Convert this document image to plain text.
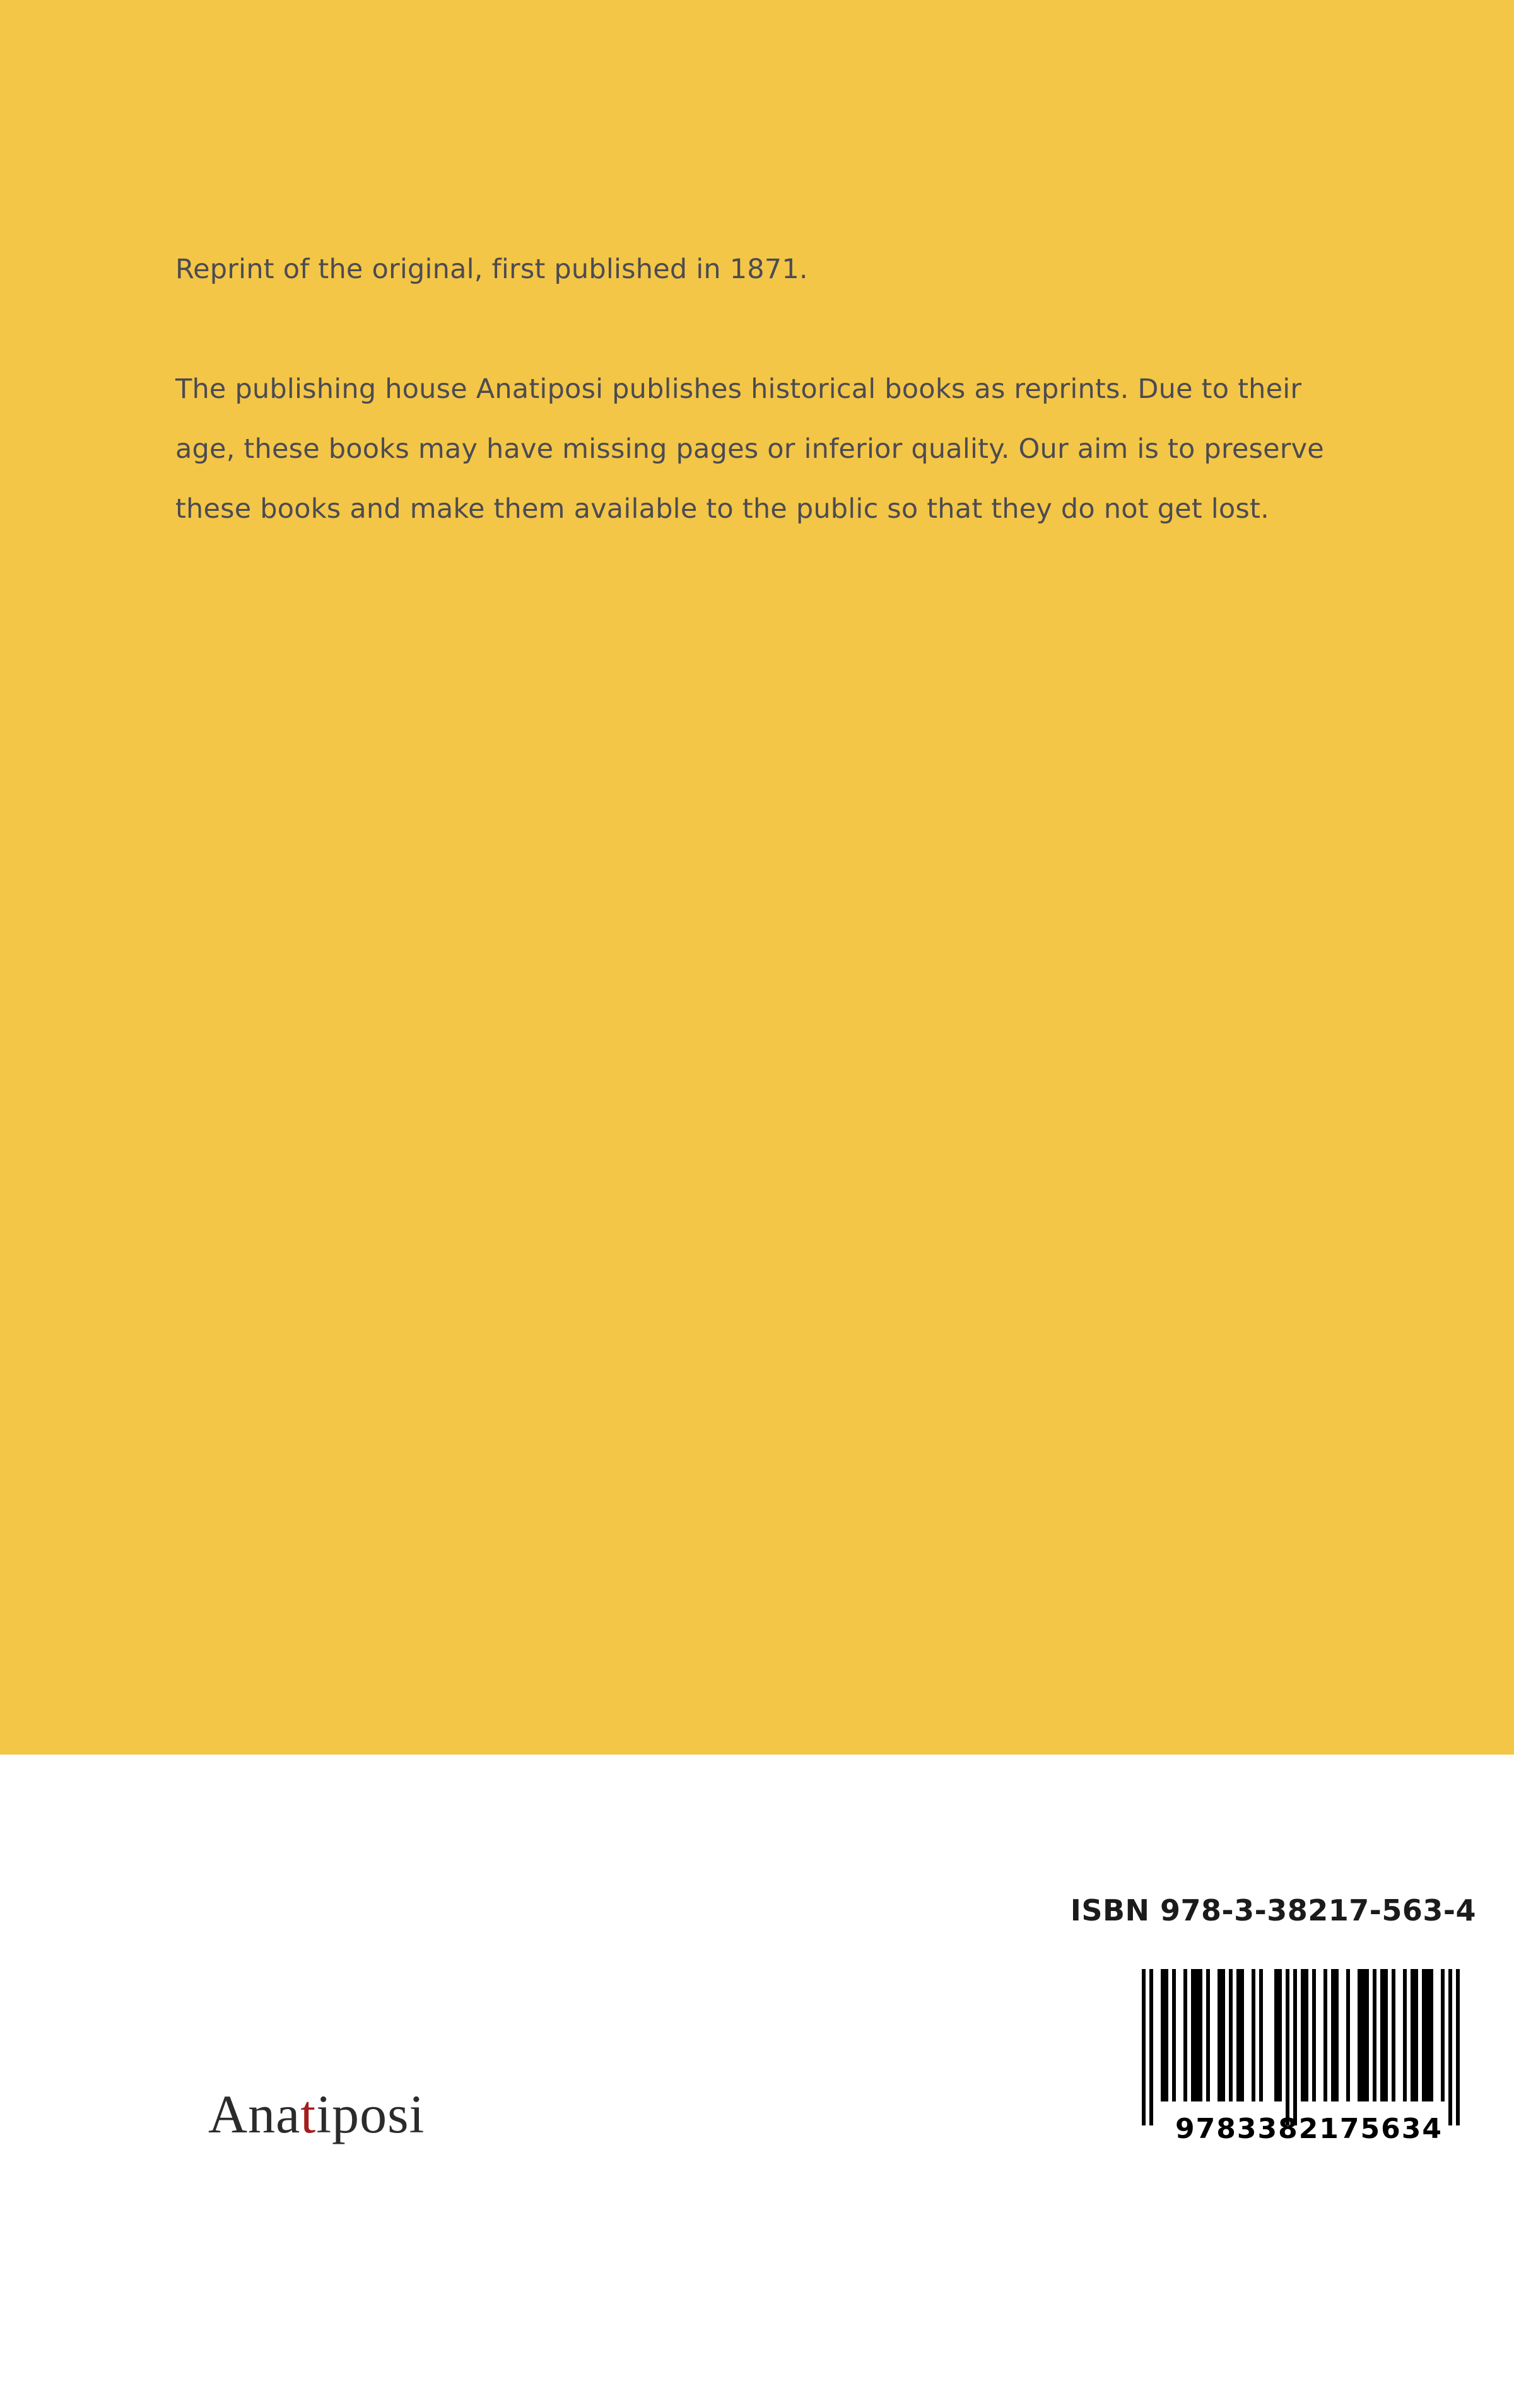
Reprint of the original, first published in 1871.

The publishing house Anatiposi publishes historical books as reprints. Due to their age, these books may have missing pages or inferior quality. Our aim is to preserve these books and make them available to the public so that they do not get lost.

ISBN 978-3-38217-563-4
9783382175634
Anatiposi
